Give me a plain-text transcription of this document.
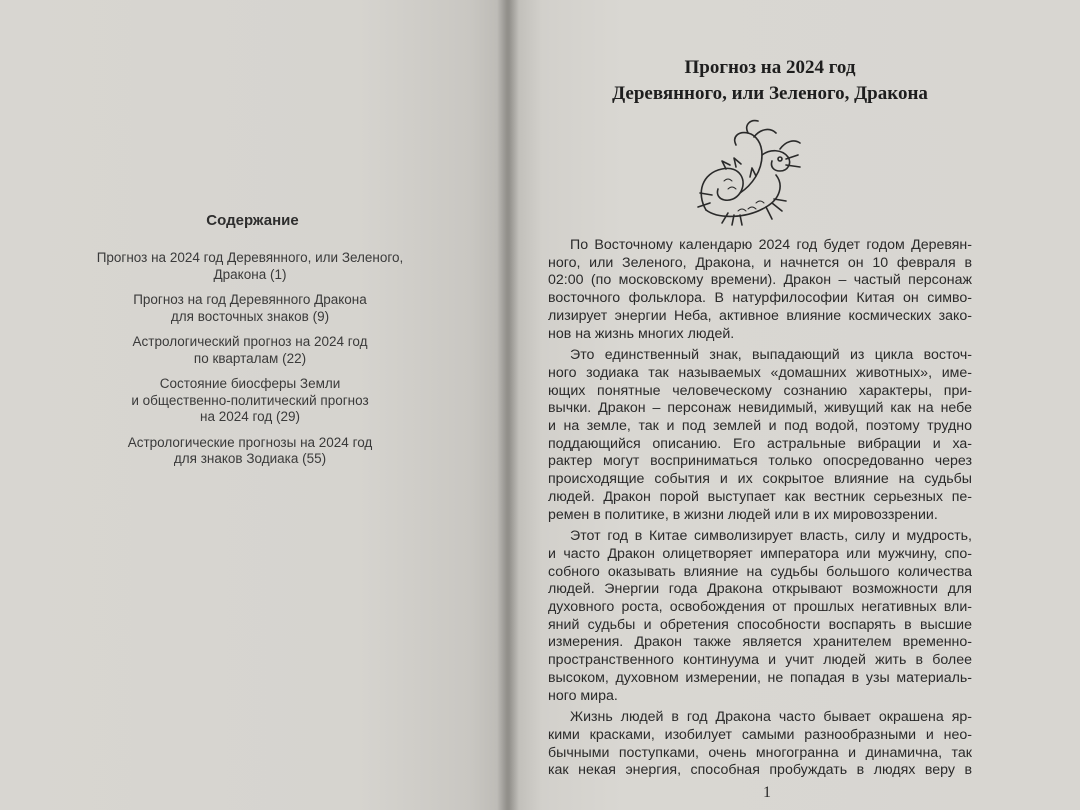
Содержание
Прогноз на 2024 год Деревянного, или Зеленого,
Дракона (1)
Прогноз на год Деревянного Дракона
для восточных знаков (9)
Астрологический прогноз на 2024 год
по кварталам (22)
Состояние биосферы Земли
и общественно-политический прогноз
на 2024 год (29)
Астрологические прогнозы на 2024 год
для знаков Зодиака (55)
Прогноз на 2024 год
Деревянного, или Зеленого, Дракона
По Восточному календарю 2024 год будет годом Деревян-
ного, или Зеленого, Дракона, и начнется он 10 февраля в
02:00 (по московскому времени). Дракон – частый персонаж
восточного фольклора. В натурфилософии Китая он симво-
лизирует энергии Неба, активное влияние космических зако-
нов на жизнь многих людей.
Это единственный знак, выпадающий из цикла восточ-
ного зодиака так называемых «домашних животных», име-
ющих понятные человеческому сознанию характеры, при-
вычки. Дракон – персонаж невидимый, живущий как на небе
и на земле, так и под землей и под водой, поэтому трудно
поддающийся описанию. Его астральные вибрации и ха-
рактер могут восприниматься только опосредованно через
происходящие события и их сокрытое влияние на судьбы
людей. Дракон порой выступает как вестник серьезных пе-
ремен в политике, в жизни людей или в их мировоззрении.
Этот год в Китае символизирует власть, силу и мудрость,
и часто Дракон олицетворяет императора или мужчину, спо-
собного оказывать влияние на судьбы большого количества
людей. Энергии года Дракона открывают возможности для
духовного роста, освобождения от прошлых негативных вли-
яний судьбы и обретения способности воспарять в высшие
измерения. Дракон также является хранителем временно-
пространственного континуума и учит людей жить в более
высоком, духовном измерении, не попадая в узы материаль-
ного мира.
Жизнь людей в год Дракона часто бывает окрашена яр-
кими красками, изобилует самыми разнообразными и нео-
бычными поступками, очень многогранна и динамична, так
как некая энергия, способная пробуждать в людях веру в
1
